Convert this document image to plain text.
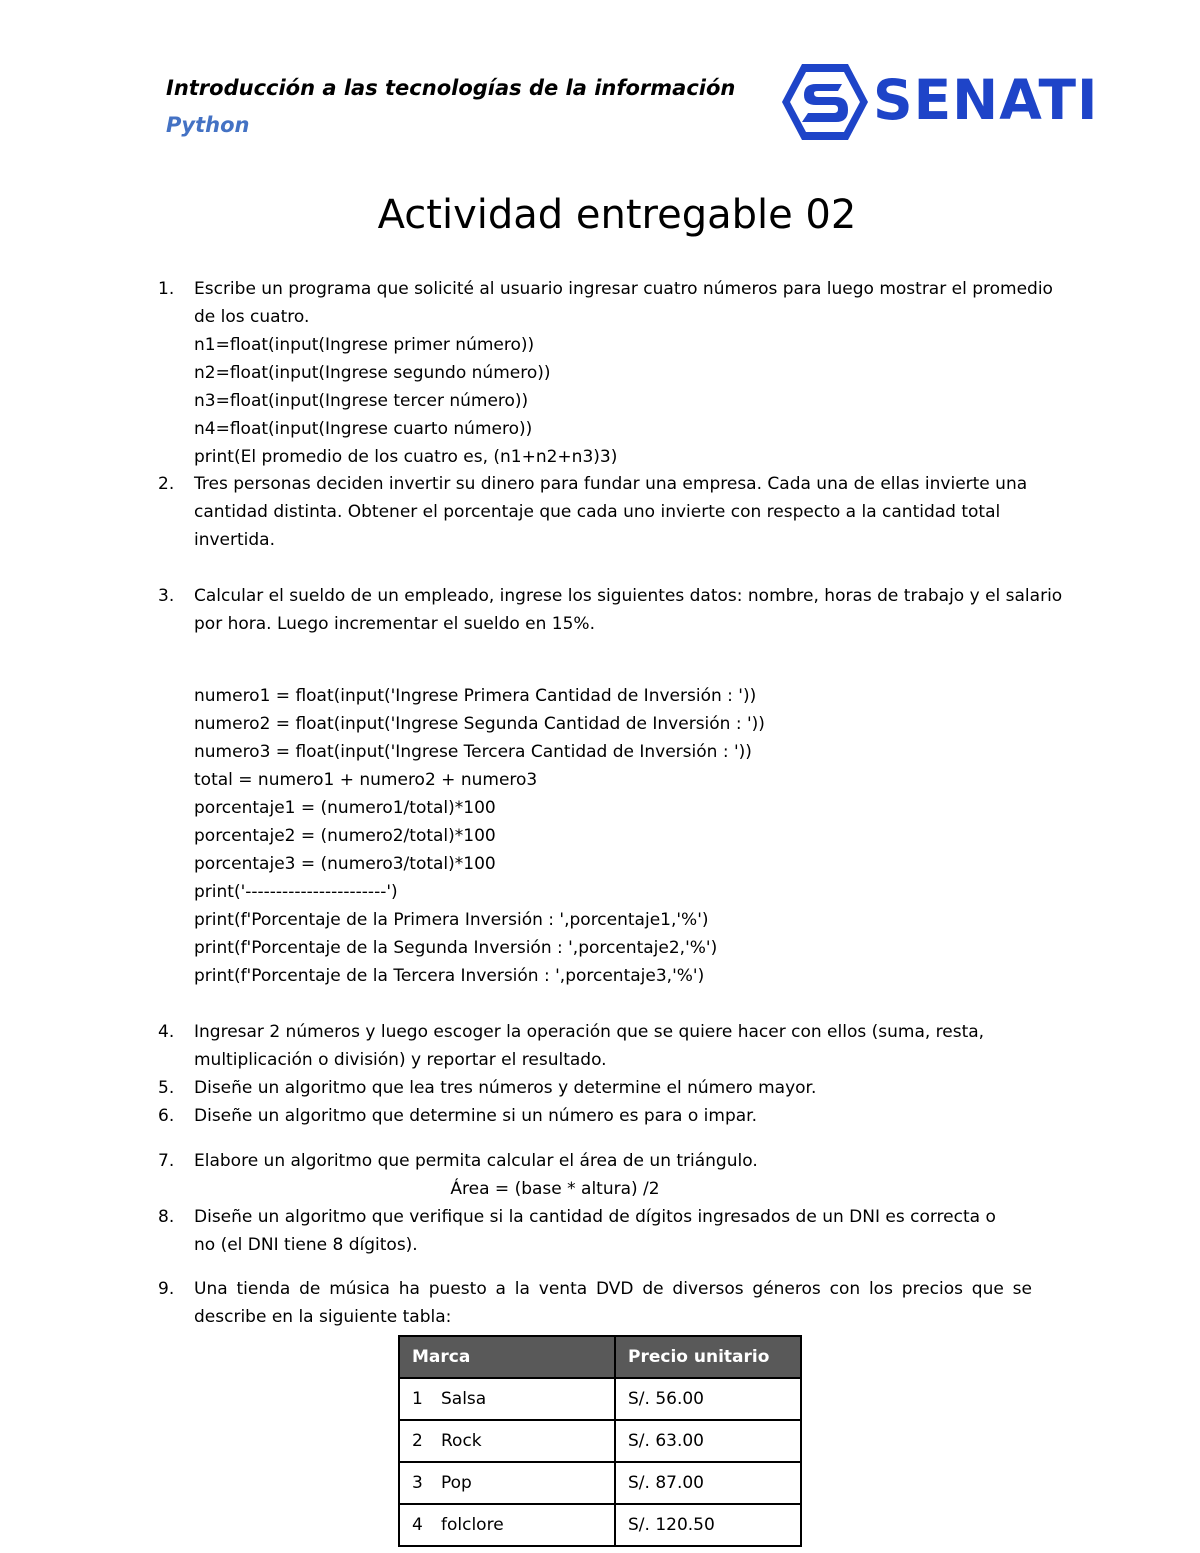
Introducción a las tecnologías de la información
Python	SENATI
Actividad entregable 02
1. Escribe un programa que solicité al usuario ingresar cuatro números para luego mostrar el promedio
de los cuatro.
n1=float(input(Ingrese primer número))
n2=float(input(Ingrese segundo número))
n3=float(input(Ingrese tercer número))
n4=float(input(Ingrese cuarto número))
print(El promedio de los cuatro es, (n1+n2+n3)3)
2. Tres personas deciden invertir su dinero para fundar una empresa. Cada una de ellas invierte una
cantidad distinta. Obtener el porcentaje que cada uno invierte con respecto a la cantidad total
invertida.
3. Calcular el sueldo de un empleado, ingrese los siguientes datos: nombre, horas de trabajo y el salario
por hora. Luego incrementar el sueldo en 15%.
numero1 = float(input('Ingrese Primera Cantidad de Inversión : '))
numero2 = float(input('Ingrese Segunda Cantidad de Inversión : '))
numero3 = float(input('Ingrese Tercera Cantidad de Inversión : '))
total = numero1 + numero2 + numero3
porcentaje1 = (numero1/total)*100
porcentaje2 = (numero2/total)*100
porcentaje3 = (numero3/total)*100
print('-----------------------')
print(f'Porcentaje de la Primera Inversión : ',porcentaje1,'%')
print(f'Porcentaje de la Segunda Inversión : ',porcentaje2,'%')
print(f'Porcentaje de la Tercera Inversión : ',porcentaje3,'%')
4. Ingresar 2 números y luego escoger la operación que se quiere hacer con ellos (suma, resta,
multiplicación o división) y reportar el resultado.
5. Diseñe un algoritmo que lea tres números y determine el número mayor.
6. Diseñe un algoritmo que determine si un número es para o impar.
7. Elabore un algoritmo que permita calcular el área de un triángulo.
Área = (base * altura) /2
8. Diseñe un algoritmo que verifique si la cantidad de dígitos ingresados de un DNI es correcta o
no (el DNI tiene 8 dígitos).
9. Una tienda de música ha puesto a la venta DVD de diversos géneros con los precios que se
describe en la siguiente tabla:
Marca	Precio unitario
1 Salsa	S/. 56.00
2 Rock	S/. 63.00
3 Pop	S/. 87.00
4 folclore	S/. 120.50
